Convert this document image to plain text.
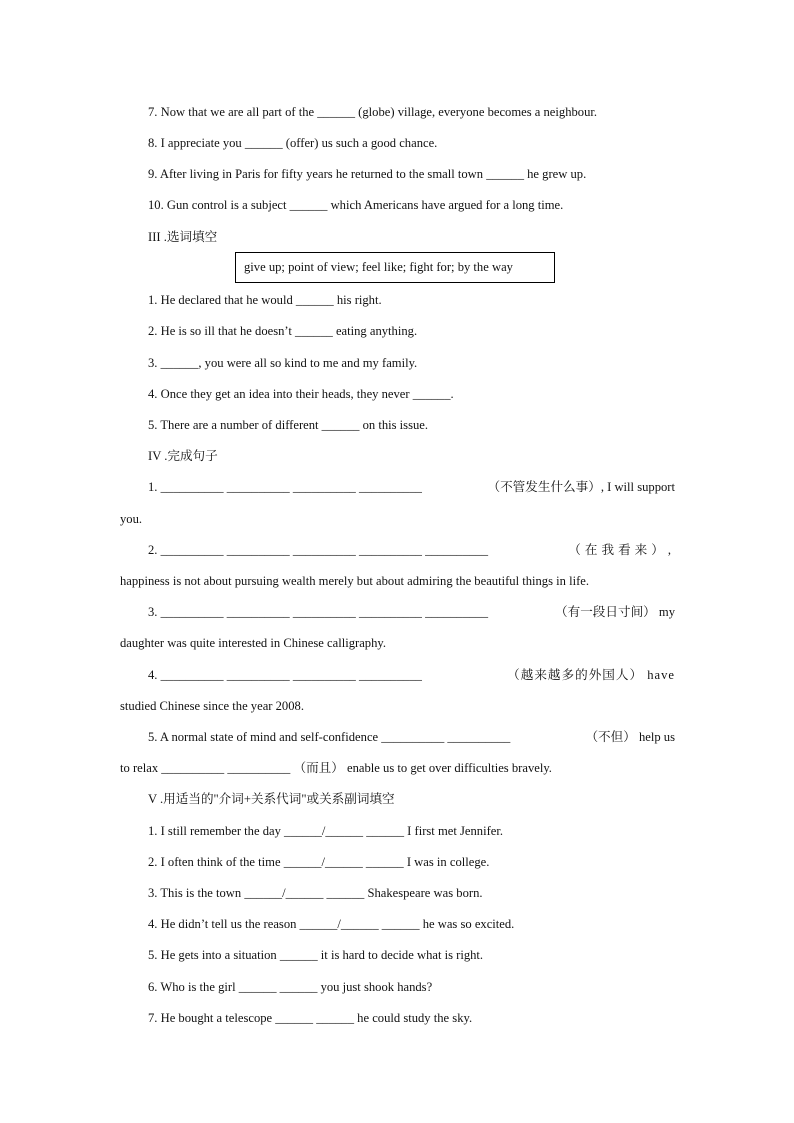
7. Now that we are all part of the ______ (globe) village, everyone becomes a neighbour.
8. I appreciate you ______ (offer) us such a good chance.
9. After living in Paris for fifty years he returned to the small town ______ he grew up.
10. Gun control is a subject ______ which Americans have argued for a long time.
III .选词填空
give up; point of view; feel like; fight for; by the way
1. He declared that he would ______ his right.
2. He is so ill that he doesn’t ______ eating anything.
3. ______, you were all so kind to me and my family.
4. Once they get an idea into their heads, they never ______.
5. There are a number of different ______ on this issue.
IV .完成句子
1. __________ __________ __________ __________	（不管发生什么事）, I will support
you.
2. __________ __________ __________ __________ __________	（在我看来）,
happiness is not about pursuing wealth merely but about admiring the beautiful things in life.
3. __________ __________ __________ __________ __________	（有一段日寸间） my
daughter was quite interested in Chinese calligraphy.
4. __________ __________ __________ __________	（越来越多的外国人） have
studied Chinese since the year 2008.
5. A normal state of mind and self-confidence __________ __________	（不但） help us
to relax __________ __________ （而且） enable us to get over difficulties bravely.
V .用适当的"介词+关系代词"或关系副词填空
1. I still remember the day ______/______ ______ I first met Jennifer.
2. I often think of the time ______/______ ______ I was in college.
3. This is the town ______/______ ______ Shakespeare was born.
4. He didn’t tell us the reason ______/______ ______ he was so excited.
5. He gets into a situation ______ it is hard to decide what is right.
6. Who is the girl ______ ______ you just shook hands?
7. He bought a telescope ______ ______ he could study the sky.
